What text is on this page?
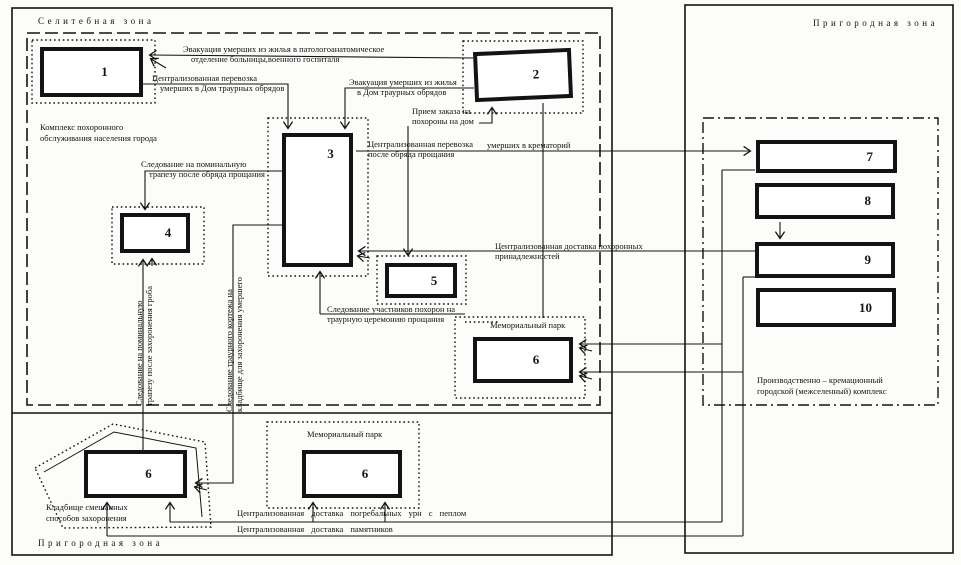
Селитебная зона	Пригородная зона
Пригородная зона
1	2
3
4
5
6
6	6
7
8
9
10
Комплекс похоронного
обслуживания населения города
Мемориальный парк
Мемориальный парк
Кладбище смешанных
способов захоронения
Производственно – кремационный
городской (межселенный) комплекс
Эвакуация умерших из жилья в патологоанатомическое
отделение больницы,военного госпиталя
Централизованная перевозка
умерших в Дом траурных обрядов
Эвакуация умерших из жилья
в Дом траурных обрядов
Прием заказа на
похороны на дом
Централизованная перевозка
после обряда прощания
умерших в крематорий
Следование на поминальную
трапезу после обряда прощания
Централизованная доставка похоронных
принадлежностей
Следование участников похорон на
траурную церемонию прощания
Следование на поминальную трапезу после захоронения гроба	Следование траурного кортежа на кладбище для захоронения умершего
Централизованная доставка погребальных урн с пеплом
Централизованная доставка памятников
